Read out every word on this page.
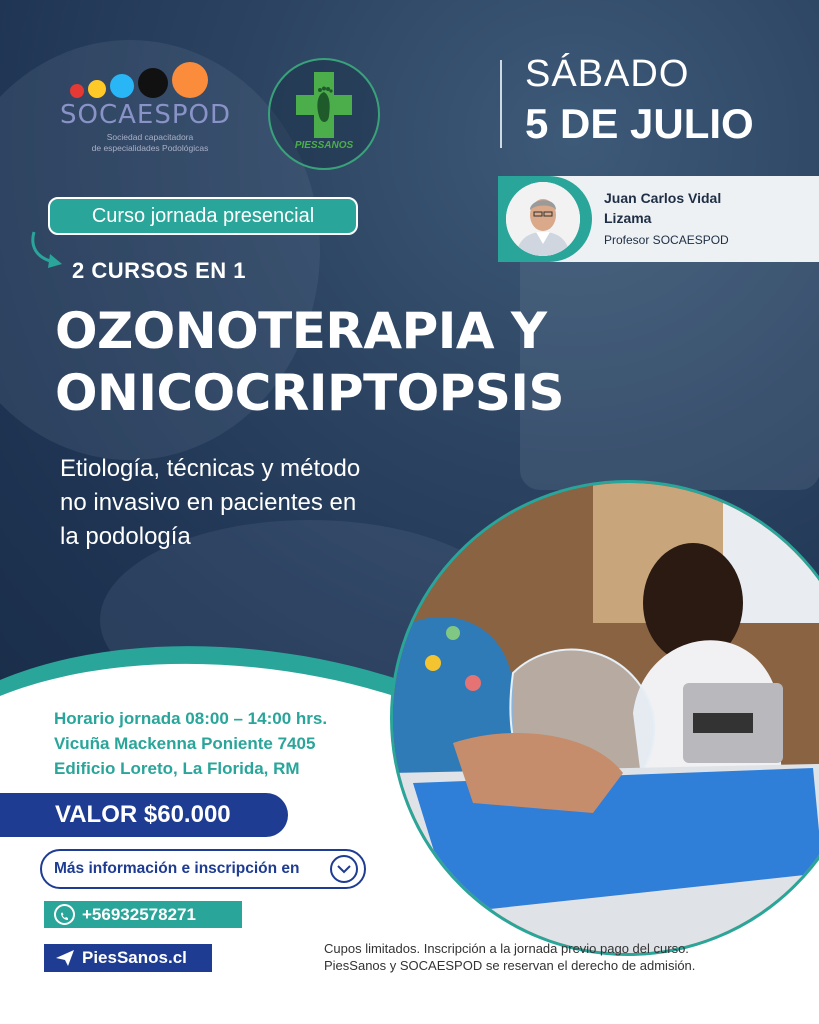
SOCAESPOD
Sociedad capacitadora
de especialidades Podológicas	PIESSANOS
SÁBADO
5 DE JULIO
Juan Carlos Vidal
Lizama
Profesor SOCAESPOD
Curso jornada presencial
2 CURSOS EN 1
OZONOTERAPIA Y
ONICOCRIPTOPSIS
Etiología, técnicas y método
no invasivo en pacientes en
la podología
Horario jornada 08:00 – 14:00 hrs.
Vicuña Mackenna Poniente 7405
Edificio Loreto, La Florida, RM
VALOR $60.000
Más información e inscripción en
+56932578271
PiesSanos.cl	Cupos limitados. Inscripción a la jornada previo pago del curso.
PiesSanos y SOCAESPOD se reservan el derecho de admisión.
